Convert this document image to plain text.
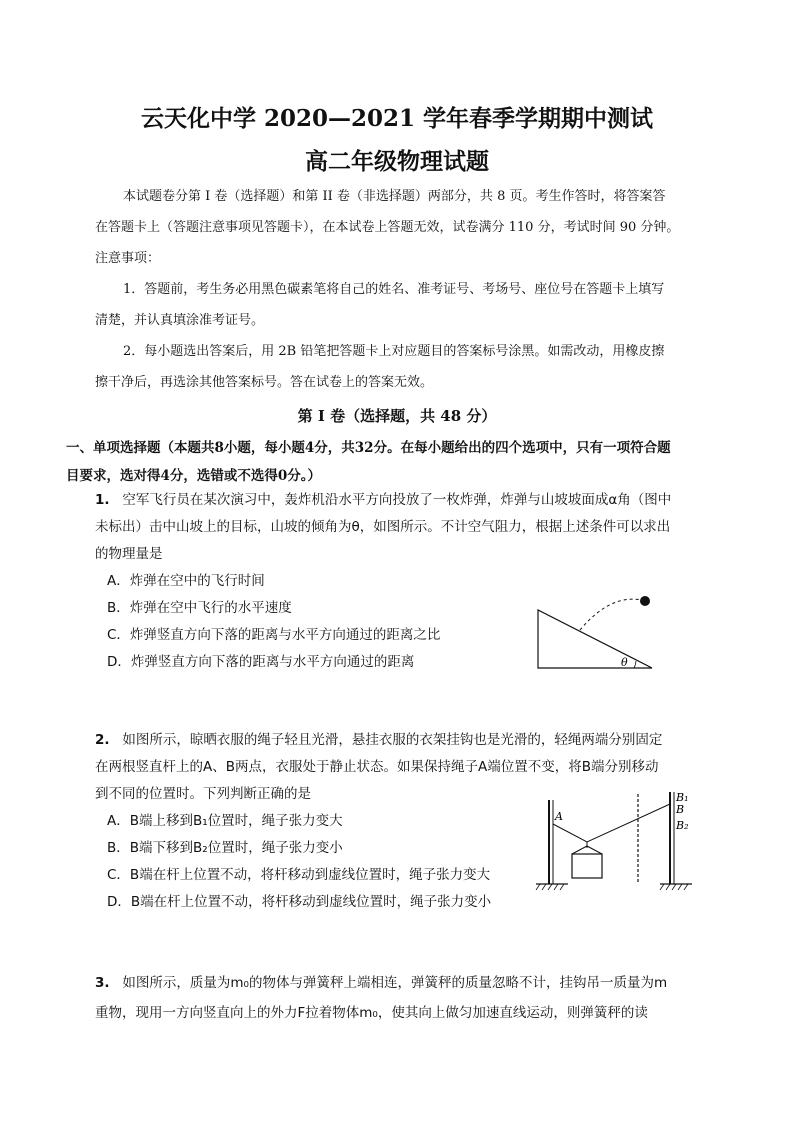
云天化中学 2020—2021 学年春季学期期中测试
高二年级物理试题
本试题卷分第 I 卷（选择题）和第 II 卷（非选择题）两部分，共 8 页。考生作答时，将答案答
在答题卡上（答题注意事项见答题卡），在本试卷上答题无效，试卷满分 110 分，考试时间 90 分钟。
注意事项：
1．答题前，考生务必用黑色碳素笔将自己的姓名、准考证号、考场号、座位号在答题卡上填写
清楚，并认真填涂准考证号。
2．每小题选出答案后，用 2B 铅笔把答题卡上对应题目的答案标号涂黑。如需改动，用橡皮擦
擦干净后，再选涂其他答案标号。答在试卷上的答案无效。
第 I 卷（选择题，共 48 分）
一、单项选择题（本题共8小题，每小题4分，共32分。在每小题给出的四个选项中，只有一项符合题
目要求，选对得4分，选错或不选得0分。）
1. 空军飞行员在某次演习中，轰炸机沿水平方向投放了一枚炸弹，炸弹与山坡坡面成α角（图中
未标出）击中山坡上的目标，山坡的倾角为θ，如图所示。不计空气阻力，根据上述条件可以求出
的物理量是
A．炸弹在空中的飞行时间
B．炸弹在空中飞行的水平速度
C．炸弹竖直方向下落的距离与水平方向通过的距离之比
D．炸弹竖直方向下落的距离与水平方向通过的距离	θ
2. 如图所示，晾晒衣服的绳子轻且光滑，悬挂衣服的衣架挂钩也是光滑的，轻绳两端分别固定
在两根竖直杆上的A、B两点，衣服处于静止状态。如果保持绳子A端位置不变，将B端分别移动
到不同的位置时。下列判断正确的是
A．B端上移到B₁位置时，绳子张力变大
B．B端下移到B₂位置时，绳子张力变小
C．B端在杆上位置不动，将杆移动到虚线位置时，绳子张力变大
D．B端在杆上位置不动，将杆移动到虚线位置时，绳子张力变小
A
B₁
B
B₂
3. 如图所示，质量为m₀的物体与弹簧秤上端相连，弹簧秤的质量忽略不计，挂钩吊一质量为m
重物，现用一方向竖直向上的外力F拉着物体m₀，使其向上做匀加速直线运动，则弹簧秤的读
